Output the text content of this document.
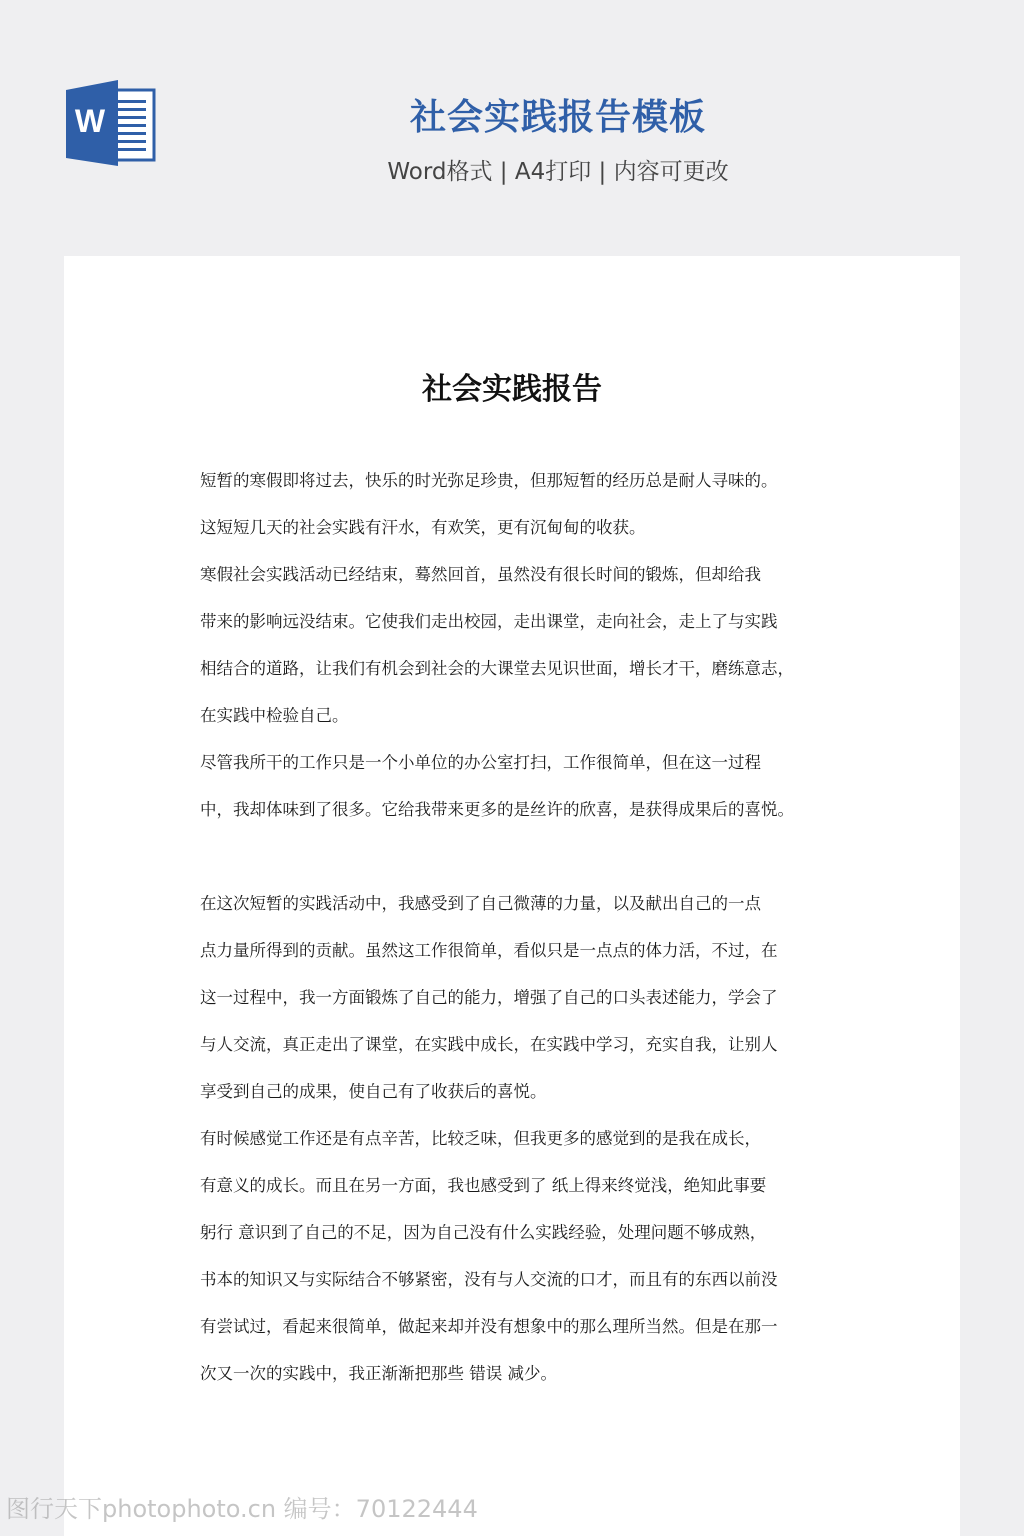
W	社会实践报告模板
Word格式 | A4打印 | 内容可更改
社会实践报告
短暂的寒假即将过去，快乐的时光弥足珍贵，但那短暂的经历总是耐人寻味的。
这短短几天的社会实践有汗水，有欢笑，更有沉甸甸的收获。
寒假社会实践活动已经结束，蓦然回首，虽然没有很长时间的锻炼，但却给我
带来的影响远没结束。它使我们走出校园，走出课堂，走向社会，走上了与实践
相结合的道路，让我们有机会到社会的大课堂去见识世面，增长才干，磨练意志，
在实践中检验自己。
尽管我所干的工作只是一个小单位的办公室打扫，工作很简单，但在这一过程
中，我却体味到了很多。它给我带来更多的是丝许的欣喜，是获得成果后的喜悦。
在这次短暂的实践活动中，我感受到了自己微薄的力量，以及献出自己的一点
点力量所得到的贡献。虽然这工作很简单，看似只是一点点的体力活，不过，在
这一过程中，我一方面锻炼了自己的能力，增强了自己的口头表述能力，学会了
与人交流，真正走出了课堂，在实践中成长，在实践中学习，充实自我，让别人
享受到自己的成果，使自己有了收获后的喜悦。
有时候感觉工作还是有点辛苦，比较乏味，但我更多的感觉到的是我在成长，
有意义的成长。而且在另一方面，我也感受到了 纸上得来终觉浅，绝知此事要
躬行 意识到了自己的不足，因为自己没有什么实践经验，处理问题不够成熟，
书本的知识又与实际结合不够紧密，没有与人交流的口才，而且有的东西以前没
有尝试过，看起来很简单，做起来却并没有想象中的那么理所当然。但是在那一
次又一次的实践中，我正渐渐把那些 错误 减少。
图行天下photophoto.cn 编号：70122444
